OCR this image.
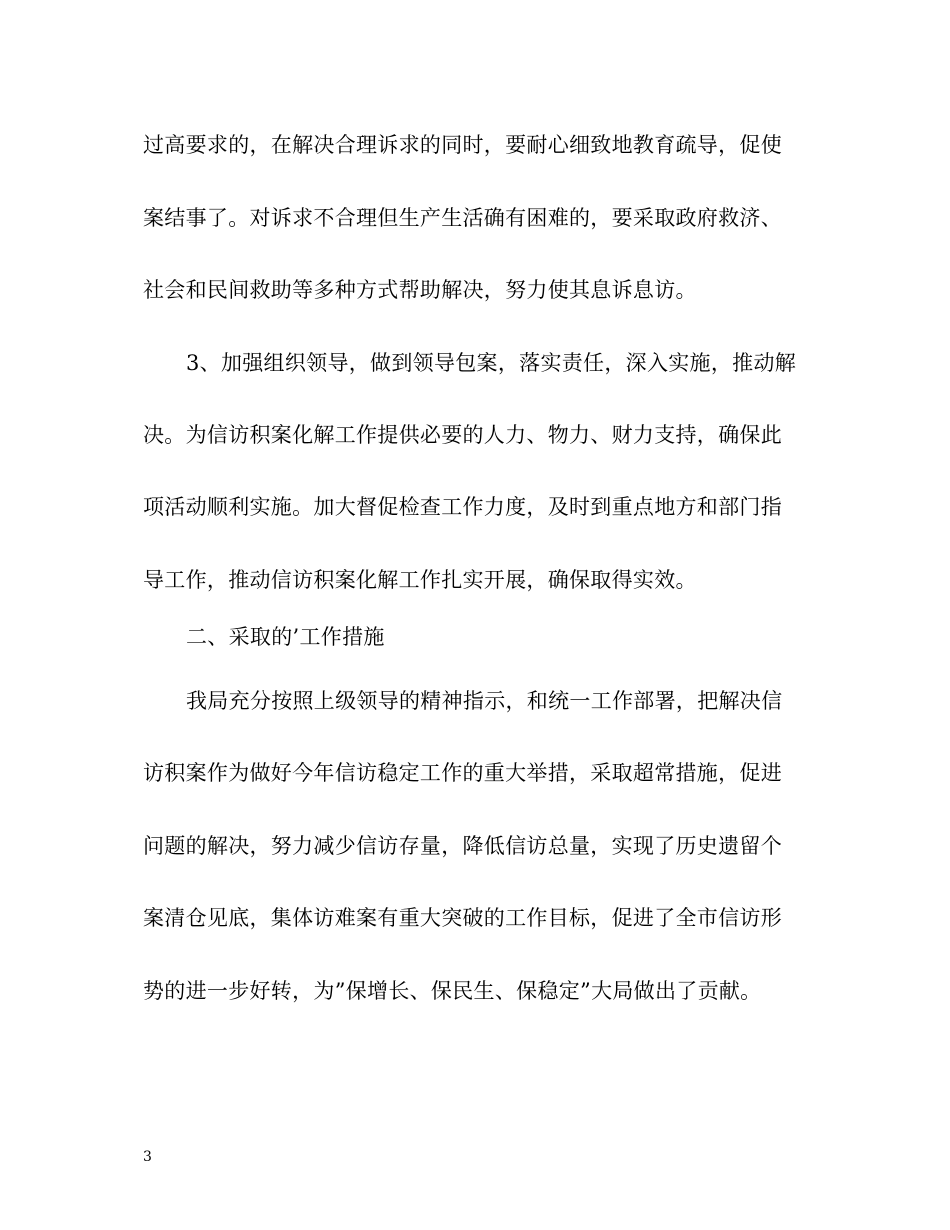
过高要求的，在解决合理诉求的同时，要耐心细致地教育疏导，促使
案结事了。对诉求不合理但生产生活确有困难的，要采取政府救济、
社会和民间救助等多种方式帮助解决，努力使其息诉息访。
3、加强组织领导，做到领导包案，落实责任，深入实施，推动解
决。为信访积案化解工作提供必要的人力、物力、财力支持，确保此
项活动顺利实施。加大督促检查工作力度，及时到重点地方和部门指
导工作，推动信访积案化解工作扎实开展，确保取得实效。
二、采取的’工作措施
我局充分按照上级领导的精神指示，和统一工作部署，把解决信
访积案作为做好今年信访稳定工作的重大举措，采取超常措施，促进
问题的解决，努力减少信访存量，降低信访总量，实现了历史遗留个
案清仓见底，集体访难案有重大突破的工作目标，促进了全市信访形
势的进一步好转，为”保增长、保民生、保稳定”大局做出了贡献。
3
